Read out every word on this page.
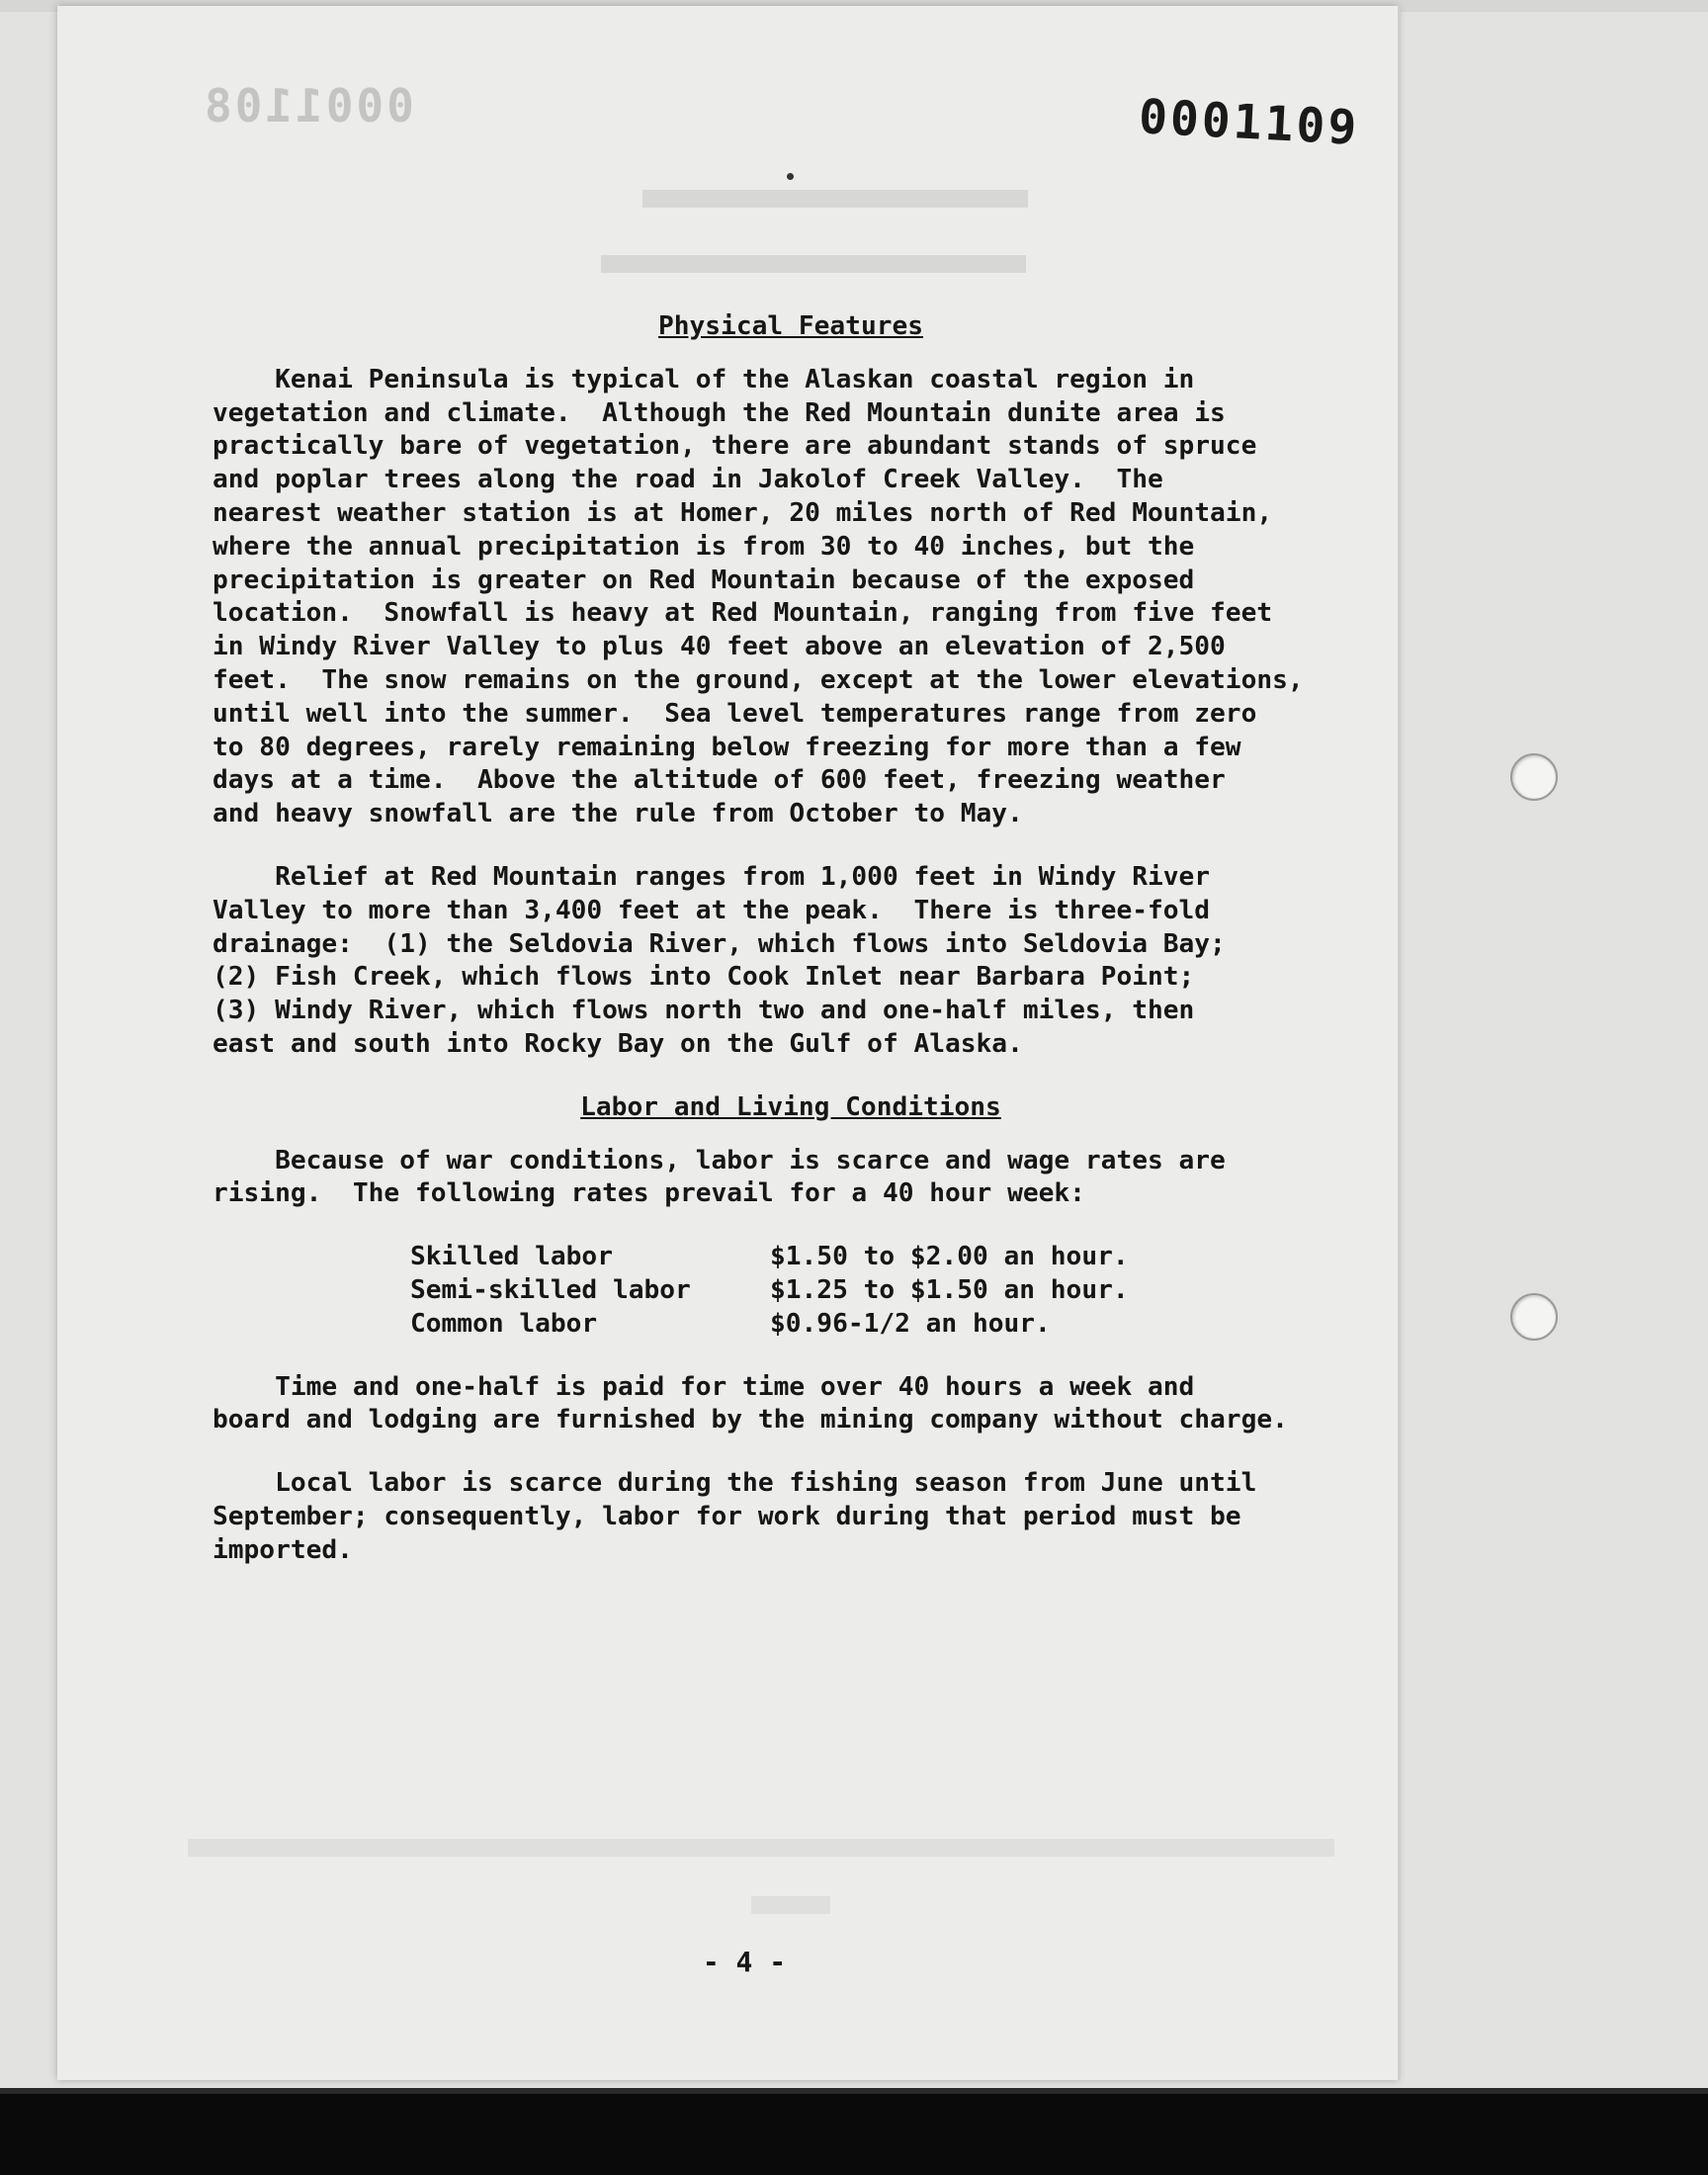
0001108	0001109

Physical Features

Kenai Peninsula is typical of the Alaskan coastal region in
vegetation and climate.  Although the Red Mountain dunite area is
practically bare of vegetation, there are abundant stands of spruce
and poplar trees along the road in Jakolof Creek Valley.  The
nearest weather station is at Homer, 20 miles north of Red Mountain,
where the annual precipitation is from 30 to 40 inches, but the
precipitation is greater on Red Mountain because of the exposed
location.  Snowfall is heavy at Red Mountain, ranging from five feet
in Windy River Valley to plus 40 feet above an elevation of 2,500
feet.  The snow remains on the ground, except at the lower elevations,
until well into the summer.  Sea level temperatures range from zero
to 80 degrees, rarely remaining below freezing for more than a few
days at a time.  Above the altitude of 600 feet, freezing weather
and heavy snowfall are the rule from October to May.

Relief at Red Mountain ranges from 1,000 feet in Windy River
Valley to more than 3,400 feet at the peak.  There is three-fold
drainage:  (1) the Seldovia River, which flows into Seldovia Bay;
(2) Fish Creek, which flows into Cook Inlet near Barbara Point;
(3) Windy River, which flows north two and one-half miles, then
east and south into Rocky Bay on the Gulf of Alaska.

Labor and Living Conditions

Because of war conditions, labor is scarce and wage rates are
rising.  The following rates prevail for a 40 hour week:

Skilled labor	$1.50 to $2.00 an hour.
Semi-skilled labor	$1.25 to $1.50 an hour.
Common labor	$0.96-1/2 an hour.

Time and one-half is paid for time over 40 hours a week and
board and lodging are furnished by the mining company without charge.

Local labor is scarce during the fishing season from June until
September; consequently, labor for work during that period must be
imported.

- 4 -
